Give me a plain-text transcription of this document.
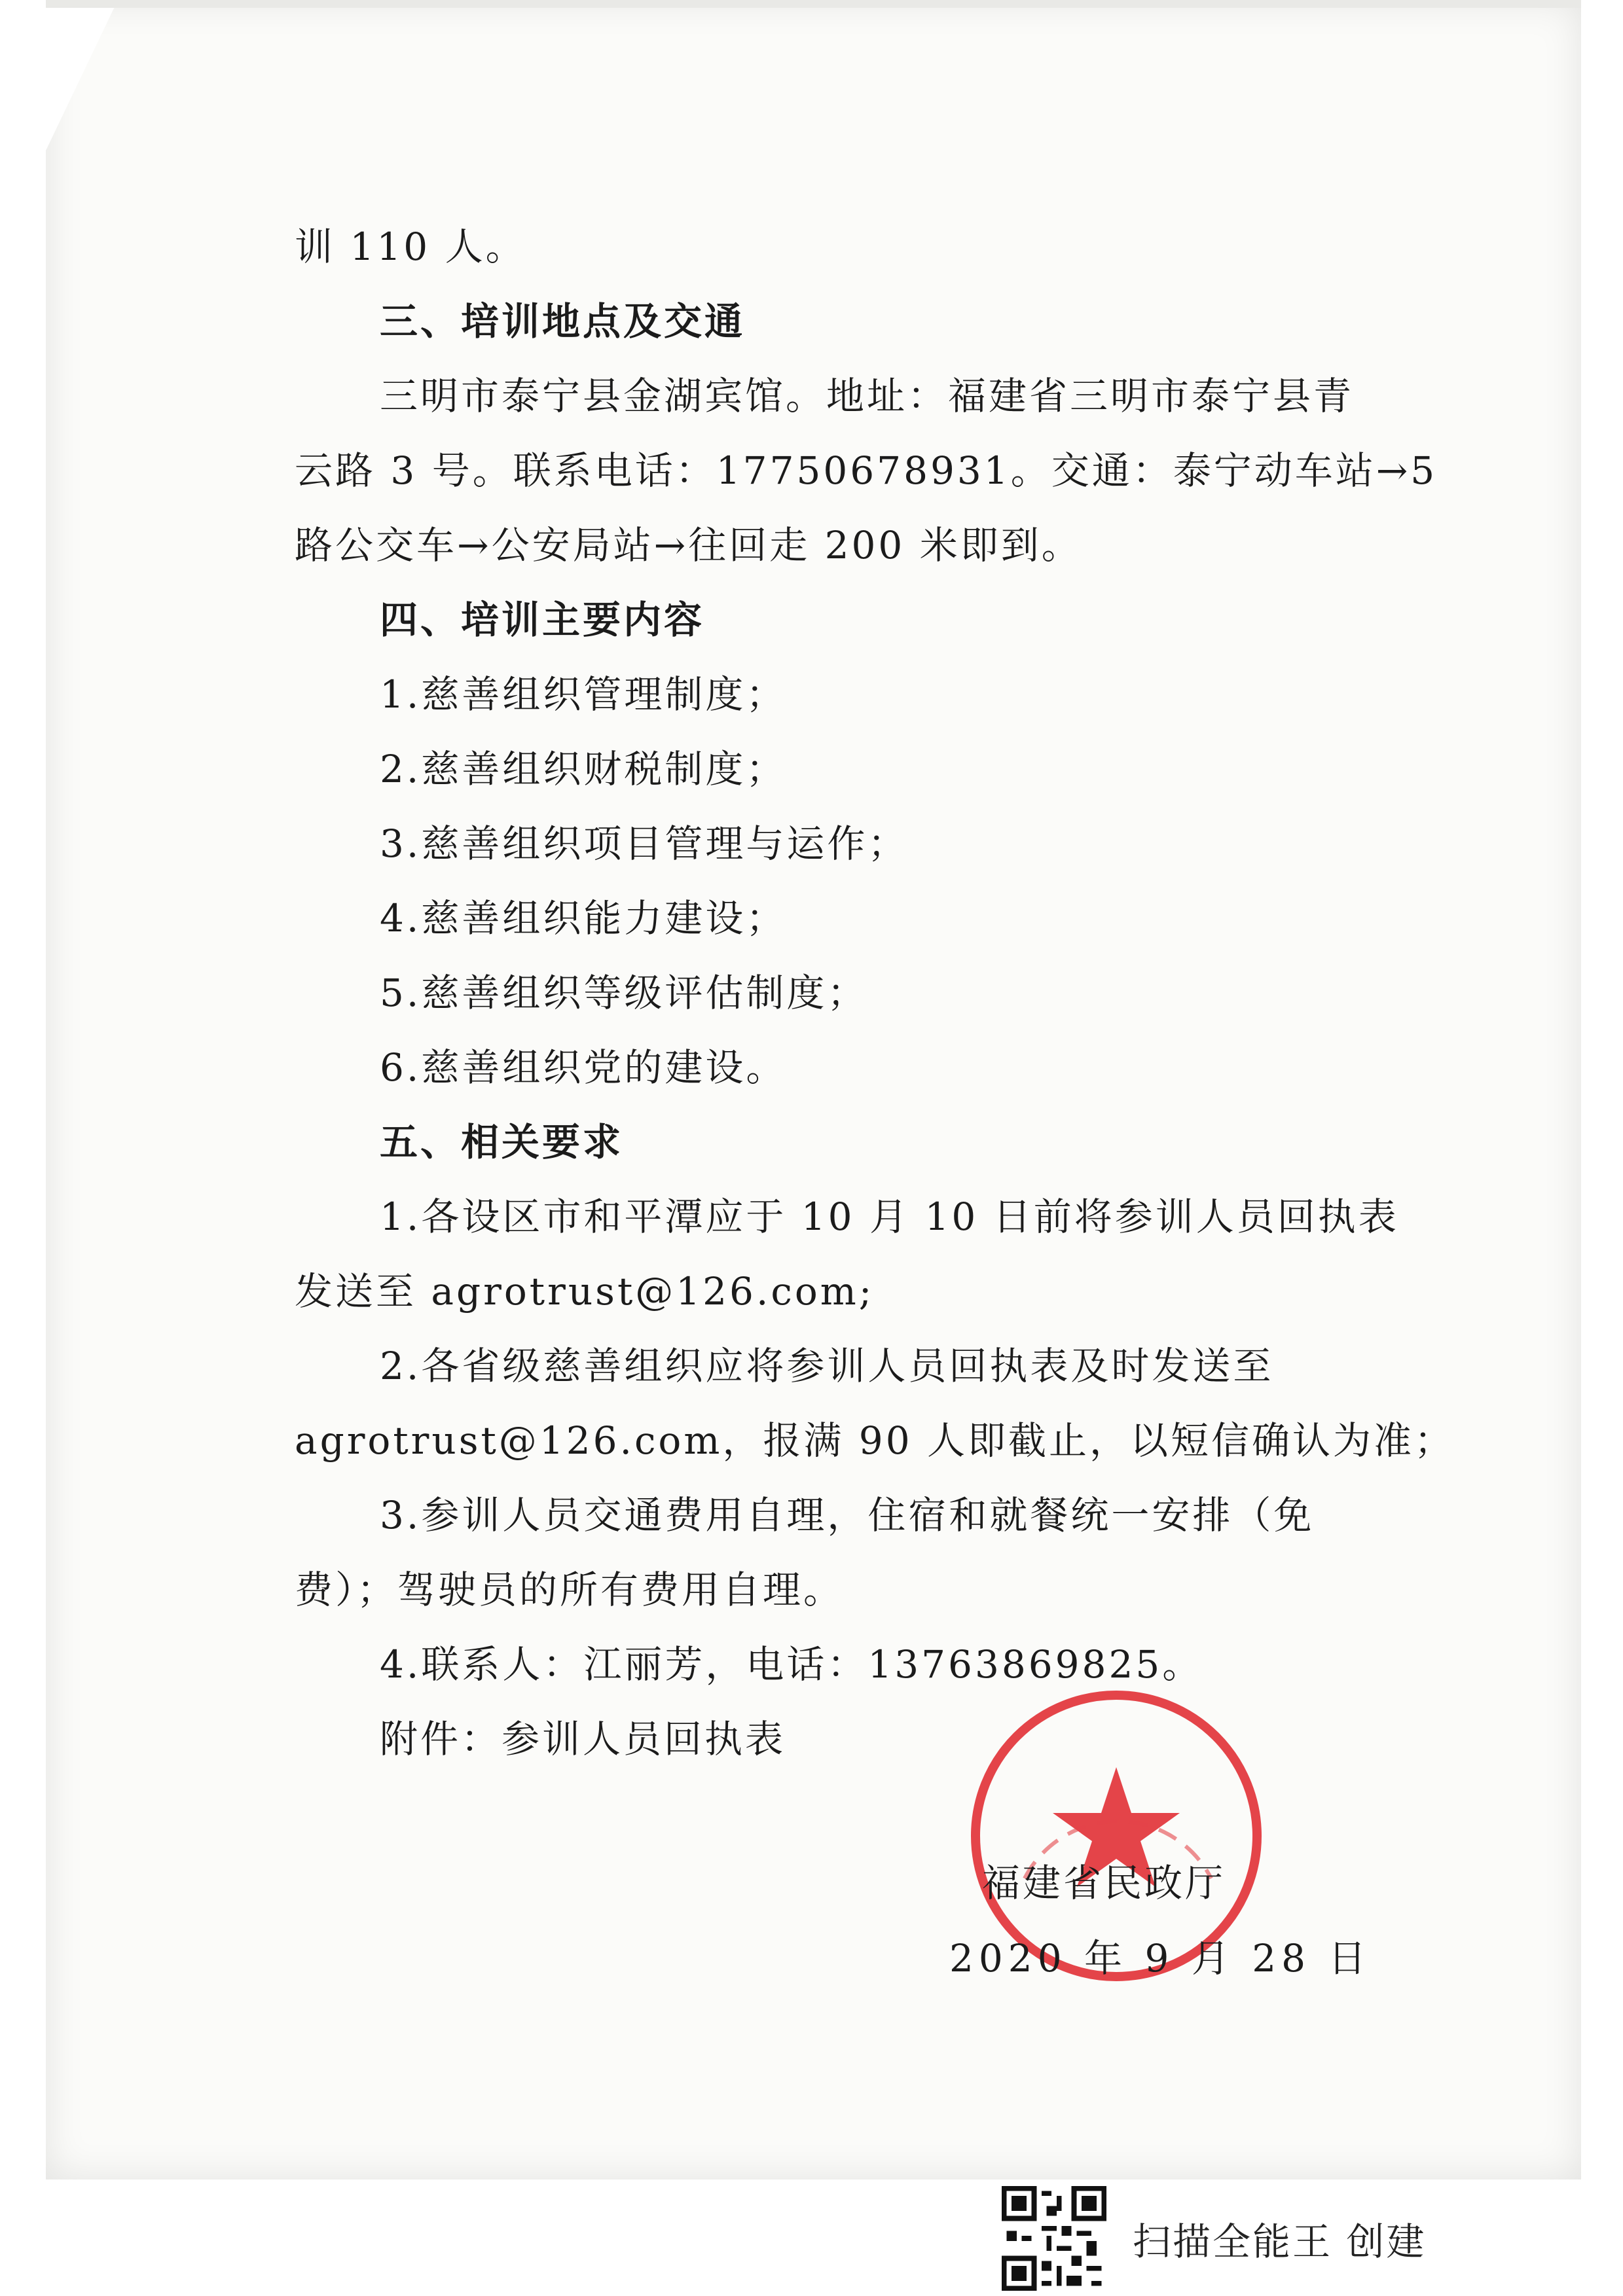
训 110 人。
三、培训地点及交通
三明市泰宁县金湖宾馆。地址：福建省三明市泰宁县青
云路 3 号。联系电话：17750678931。交通：泰宁动车站→5
路公交车→公安局站→往回走 200 米即到。
四、培训主要内容
1.慈善组织管理制度；
2.慈善组织财税制度；
3.慈善组织项目管理与运作；
4.慈善组织能力建设；
5.慈善组织等级评估制度；
6.慈善组织党的建设。
五、相关要求
1.各设区市和平潭应于 10 月 10 日前将参训人员回执表
发送至 agrotrust@126.com;
2.各省级慈善组织应将参训人员回执表及时发送至
agrotrust@126.com，报满 90 人即截止，以短信确认为准；
3.参训人员交通费用自理，住宿和就餐统一安排（免
费）；驾驶员的所有费用自理。
4.联系人：江丽芳，电话：13763869825。
附件：参训人员回执表
福建省民政厅
2020 年 9 月 28 日
扫描全能王 创建
